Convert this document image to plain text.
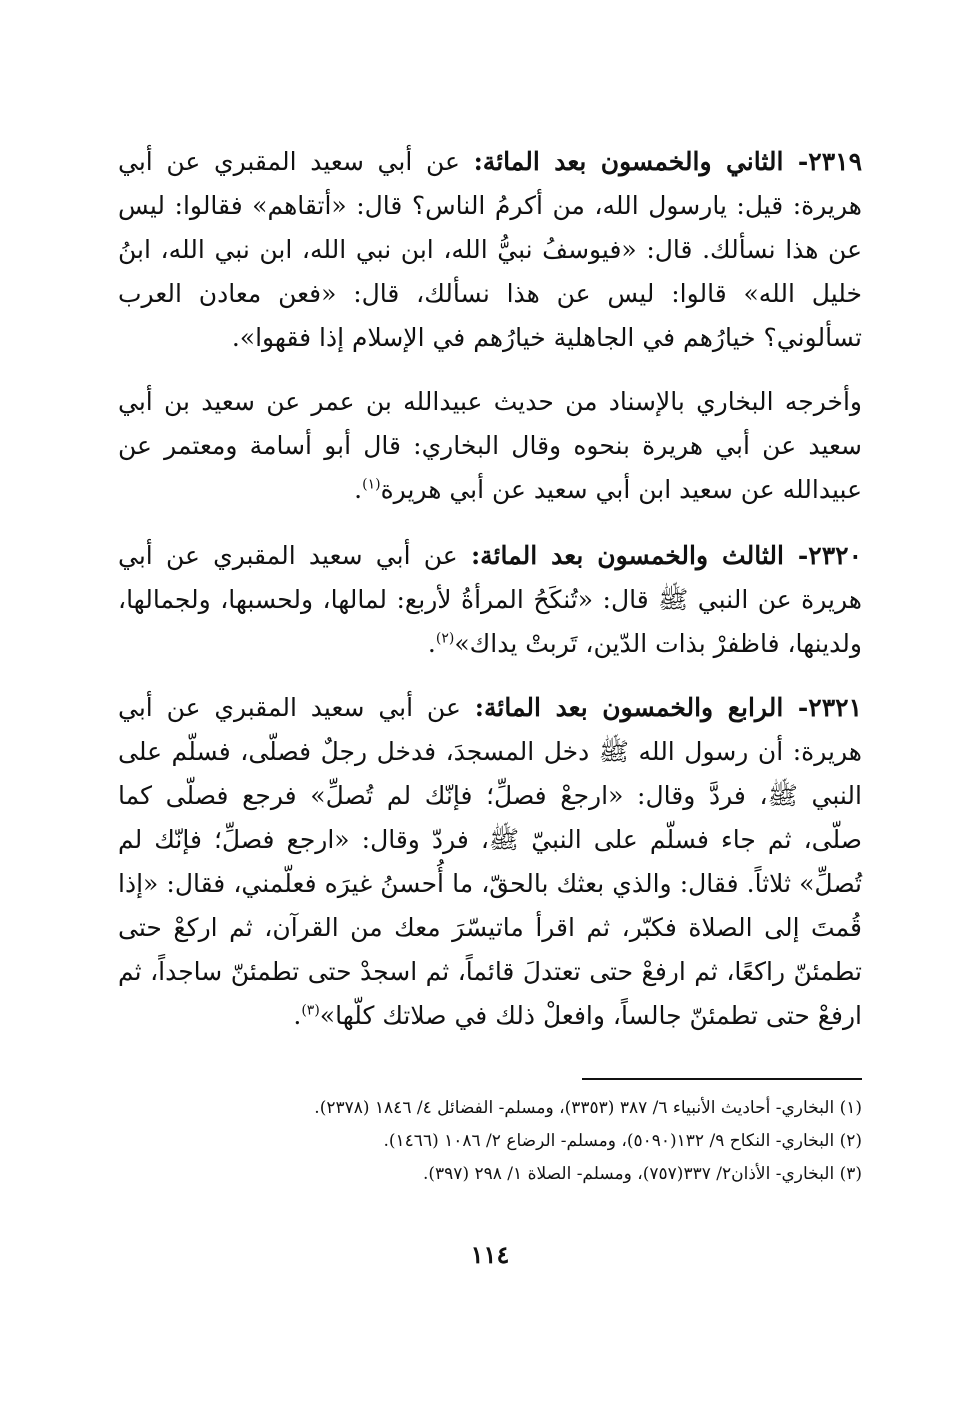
٢٣١٩- الثاني والخمسون بعد المائة: عن أبي سعيد المقبري عن أبي هريرة: قيل: يارسول الله، من أكرمُ الناس؟ قال: «أتقاهم» فقالوا: ليس عن هذا نسألك. قال: «فيوسفُ نبيُّ الله، ابن نبي الله، ابن نبي الله، ابنُ خليل الله» قالوا: ليس عن هذا نسألك، قال: «فعن معادن العرب تسألوني؟ خيارُهم في الجاهلية خيارُهم في الإسلام إذا فقهوا».

وأخرجه البخاري بالإسناد من حديث عبيدالله بن عمر عن سعيد بن أبي سعيد عن أبي هريرة بنحوه وقال البخاري: قال أبو أسامة ومعتمر عن عبيدالله عن سعيد ابن أبي سعيد عن أبي هريرة$^{(١)}$.

٢٣٢٠- الثالث والخمسون بعد المائة: عن أبي سعيد المقبري عن أبي هريرة عن النبي ﷺ قال: «تُنكَحُ المرأةُ لأربع: لمالها، ولحسبها، ولجمالها، ولدينها، فاظفرْ بذات الدّين، تَربتْ يداك»$^{(٢)}$.

٢٣٢١- الرابع والخمسون بعد المائة: عن أبي سعيد المقبري عن أبي هريرة: أن رسول الله ﷺ دخل المسجدَ، فدخل رجلٌ فصلّى، فسلّم على النبي ﷺ، فردَّ وقال: «ارجعْ فصلِّ؛ فإنّك لم تُصلِّ» فرجع فصلّى كما صلّى، ثم جاء فسلّم على النبيّ ﷺ، فردّ وقال: «ارجع فصلِّ؛ فإنّك لم تُصلِّ» ثلاثاً. فقال: والذي بعثك بالحقّ، ما أُحسنُ غيرَه فعلّمني، فقال: «إذا قُمتَ إلى الصلاة فكبّر، ثم اقرأ ماتيسّرَ معك من القرآن، ثم اركعْ حتى تطمئنّ راكعًا، ثم ارفعْ حتى تعتدلَ قائماً، ثم اسجدْ حتى تطمئنّ ساجداً، ثم ارفعْ حتى تطمئنّ جالساً، وافعلْ ذلك في صلاتك كلّها»$^{(٣)}$.

(١) البخاري- أحاديث الأنبياء ٦/ ٣٨٧ (٣٣٥٣)، ومسلم- الفضائل ٤/ ١٨٤٦ (٢٣٧٨).

(٢) البخاري- النكاح ٩/ ١٣٢(٥٠٩٠)، ومسلم- الرضاع ٢/ ١٠٨٦ (١٤٦٦).

(٣) البخاري- الأذان٢/ ٣٣٧(٧٥٧)، ومسلم- الصلاة ١/ ٢٩٨ (٣٩٧).

١١٤
